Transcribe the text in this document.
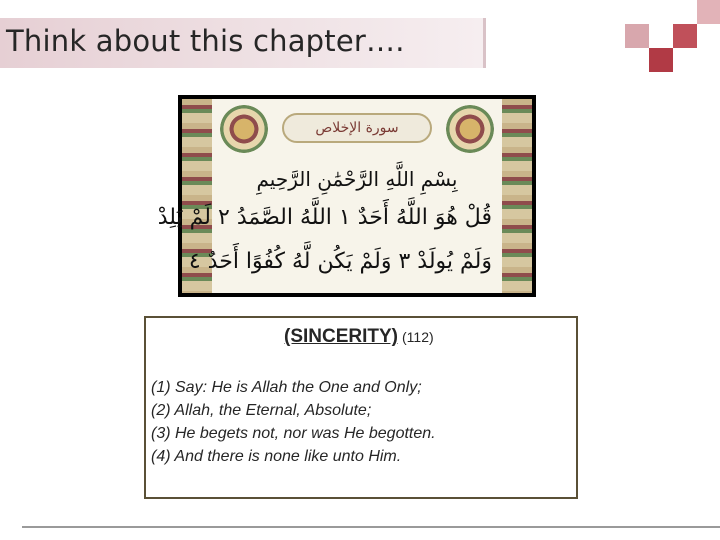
Think about this chapter….
سورة الإخلاص
بِسْمِ اللَّهِ الرَّحْمَٰنِ الرَّحِيمِ
قُلْ هُوَ اللَّهُ أَحَدٌ ١ اللَّهُ الصَّمَدُ ٢ لَمْ يَلِدْ
وَلَمْ يُولَدْ ٣ وَلَمْ يَكُن لَّهُ كُفُوًا أَحَدٌ ٤
(SINCERITY) (112)
(1) Say: He is Allah the One and Only;
(2) Allah, the Eternal, Absolute;
(3) He begets not, nor was He begotten.
(4) And there is none like unto Him.
